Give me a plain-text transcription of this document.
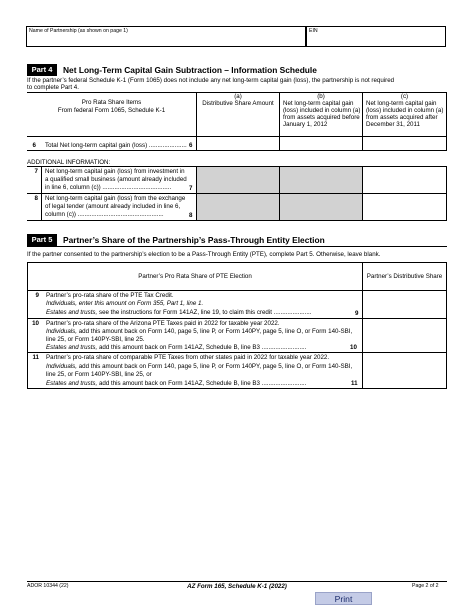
Name of Partnership (as shown on page 1)	EIN
Part 4	Net Long-Term Capital Gain Subtraction – Information Schedule
If the partner’s federal Schedule K-1 (Form 1065) does not include any net long-term capital gain (loss), the partnership is not required
to complete Part 4.
Pro Rata Share Items
From federal Form 1065, Schedule K-1
(a)
Distributive Share Amount
(b)
Net long-term capital gain
(loss) included in column (a)
from assets acquired before
January 1, 2012
(c)
Net long-term capital gain
(loss) included in column (a)
from assets acquired after
December 31, 2011
6 Total Net long-term capital gain (loss) ...................... 6
ADDITIONAL INFORMATION:
7 Net long-term capital gain (loss) from investment in
a qualified small business (amount already included
in line 6, column (c)) ........................................	7
8 Net long-term capital gain (loss) from the exchange
of legal tender (amount already included in line 6,
column (c)) ..................................................	8
Part 5	Partner’s Share of the Partnership’s Pass-Through Entity Election
If the partner consented to the partnership’s election to be a Pass-Through Entity (PTE), complete Part 5. Otherwise, leave blank.
Partner’s Pro Rata Share of PTE Election	Partner’s Distributive Share
9 Partner’s pro-rata share of the PTE Tax Credit.
Individuals, enter this amount on Form 355, Part 1, line 1.
Estates and trusts, see the instructions for Form 141AZ, line 19, to claim this credit ......................	9
10 Partner’s pro-rata share of the Arizona PTE Taxes paid in 2022 for taxable year 2022.
Individuals, add this amount back on Form 140, page 5, line P, or Form 140PY, page 5, line O, or Form 140-SBI,
line 25, or Form 140PY-SBI, line 25.
Estates and trusts, add this amount back on Form 141AZ, Schedule B, line B3 ..........................	10
11 Partner’s pro-rata share of comparable PTE Taxes from other states paid in 2022 for taxable year 2022.
Individuals, add this amount back on Form 140, page 5, line P, or Form 140PY, page 5, line O, or Form 140-SBI,
line 25, or Form 140PY-SBI, line 25, or
Estates and trusts, add this amount back on Form 141AZ, Schedule B, line B3 ..........................	11
ADOR 10344 (22)	AZ Form 165, Schedule K-1 (2022)	Page 2 of 2
Print
